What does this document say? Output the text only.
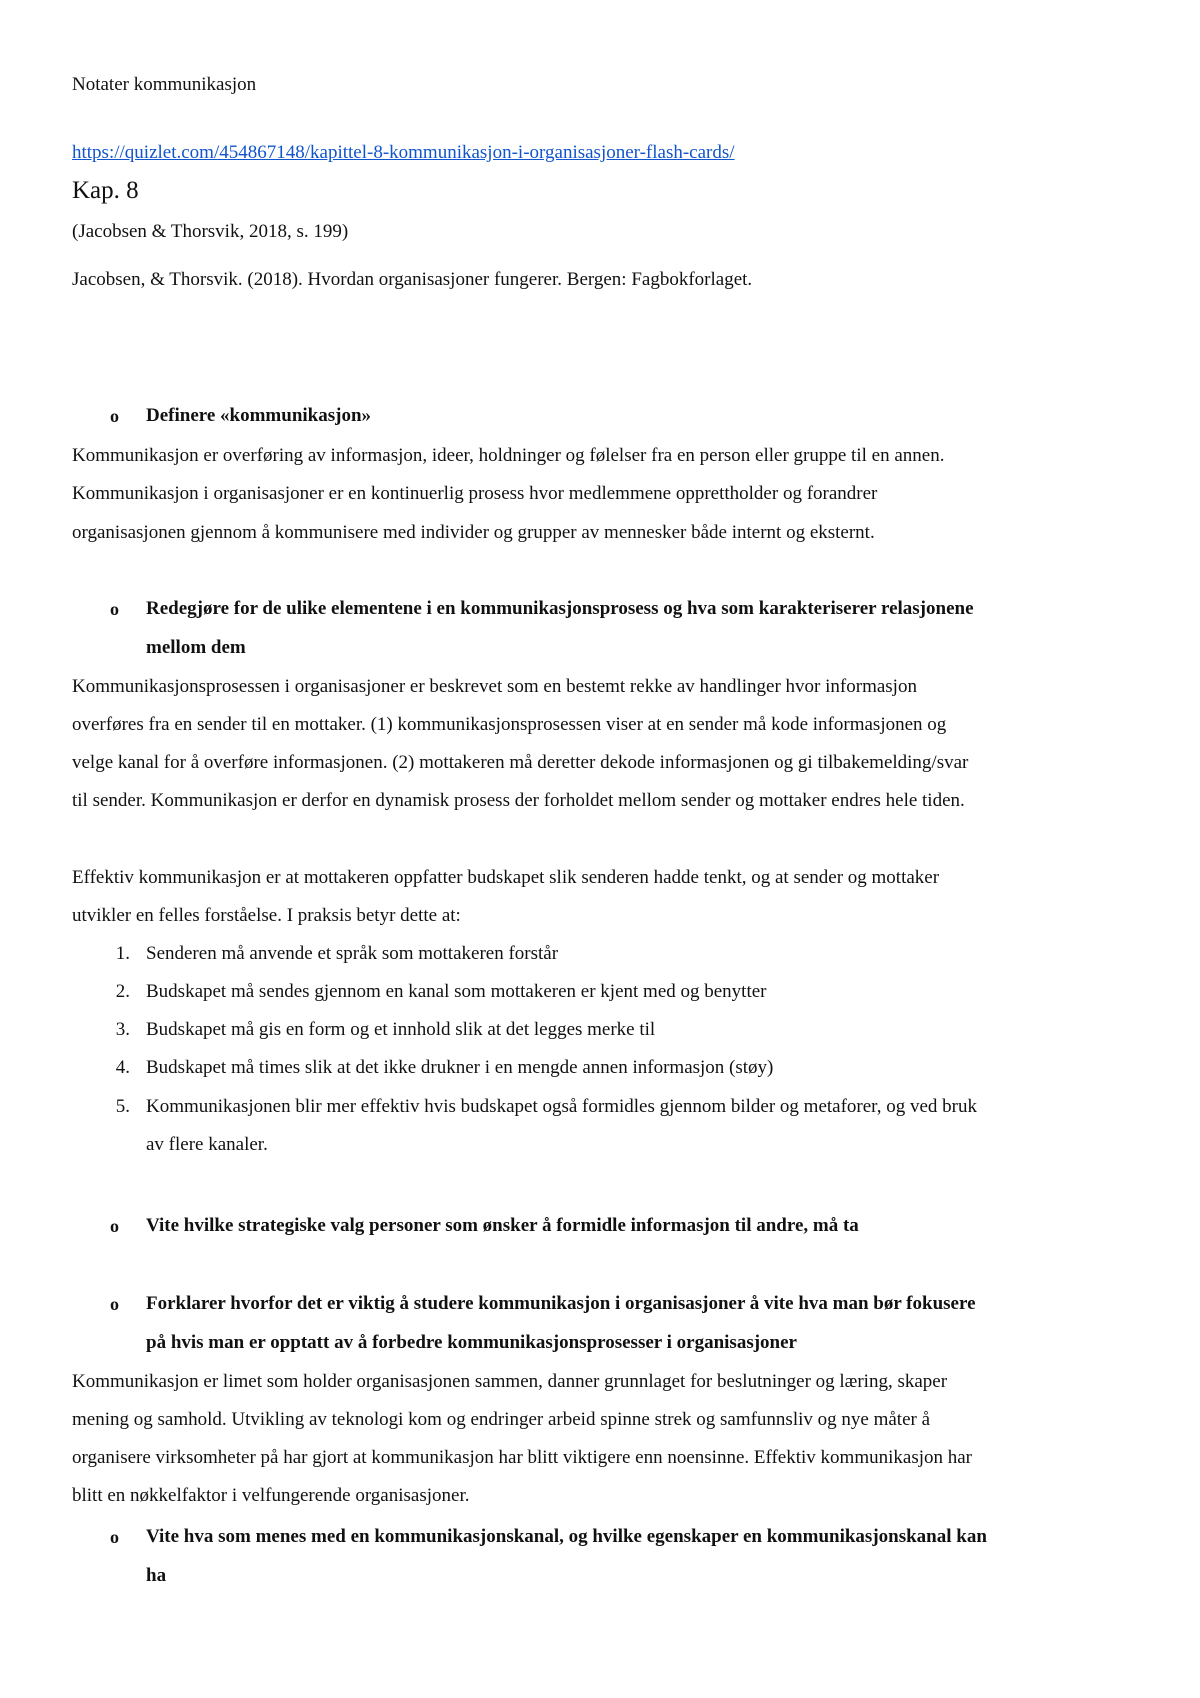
Notater kommunikasjon

https://quizlet.com/454867148/kapittel-8-kommunikasjon-i-organisasjoner-flash-cards/

Kap. 8

(Jacobsen & Thorsvik, 2018, s. 199)

Jacobsen, & Thorsvik. (2018). Hvordan organisasjoner fungerer. Bergen: Fagbokforlaget.

o Definere «kommunikasjon»

Kommunikasjon er overføring av informasjon, ideer, holdninger og følelser fra en person eller gruppe til en annen.

Kommunikasjon i organisasjoner er en kontinuerlig prosess hvor medlemmene opprettholder og forandrer

organisasjonen gjennom å kommunisere med individer og grupper av mennesker både internt og eksternt.

o Redegjøre for de ulike elementene i en kommunikasjonsprosess og hva som karakteriserer relasjonene

mellom dem

Kommunikasjonsprosessen i organisasjoner er beskrevet som en bestemt rekke av handlinger hvor informasjon

overføres fra en sender til en mottaker. (1) kommunikasjonsprosessen viser at en sender må kode informasjonen og

velge kanal for å overføre informasjonen. (2) mottakeren må deretter dekode informasjonen og gi tilbakemelding/svar

til sender. Kommunikasjon er derfor en dynamisk prosess der forholdet mellom sender og mottaker endres hele tiden.

Effektiv kommunikasjon er at mottakeren oppfatter budskapet slik senderen hadde tenkt, og at sender og mottaker

utvikler en felles forståelse. I praksis betyr dette at:

1. Senderen må anvende et språk som mottakeren forstår

2. Budskapet må sendes gjennom en kanal som mottakeren er kjent med og benytter

3. Budskapet må gis en form og et innhold slik at det legges merke til

4. Budskapet må times slik at det ikke drukner i en mengde annen informasjon (støy)

5. Kommunikasjonen blir mer effektiv hvis budskapet også formidles gjennom bilder og metaforer, og ved bruk

av flere kanaler.

o Vite hvilke strategiske valg personer som ønsker å formidle informasjon til andre, må ta

o Forklarer hvorfor det er viktig å studere kommunikasjon i organisasjoner å vite hva man bør fokusere

på hvis man er opptatt av å forbedre kommunikasjonsprosesser i organisasjoner

Kommunikasjon er limet som holder organisasjonen sammen, danner grunnlaget for beslutninger og læring, skaper

mening og samhold. Utvikling av teknologi kom og endringer arbeid spinne strek og samfunnsliv og nye måter å

organisere virksomheter på har gjort at kommunikasjon har blitt viktigere enn noensinne. Effektiv kommunikasjon har

blitt en nøkkelfaktor i velfungerende organisasjoner.

o Vite hva som menes med en kommunikasjonskanal, og hvilke egenskaper en kommunikasjonskanal kan

ha
